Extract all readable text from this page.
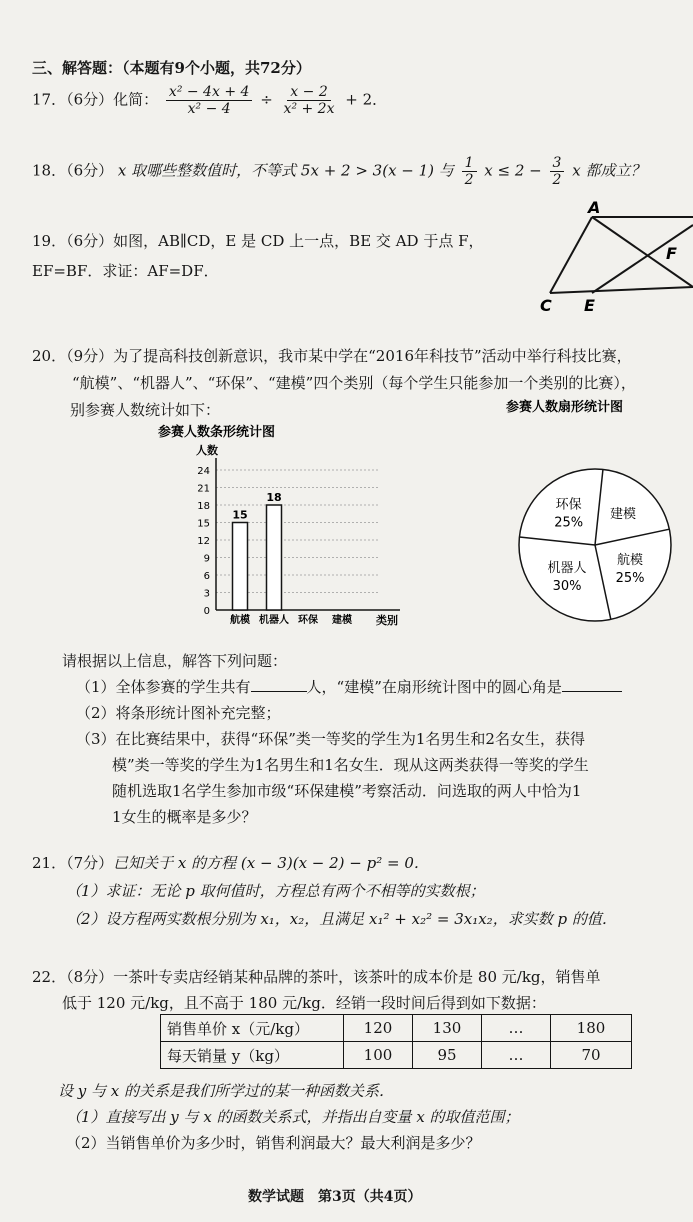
三、解答题：（本题有9个小题，共72分）
17．（6分）化简： $\frac{\text{x² − 4x + 4}}{\text{x² − 4}} \div \frac{x - 2}{\text{x² + 2x}} + 2$．
18．（6分） x 取哪些整数值时，不等式 5x + 2 > 3(x − 1) 与 $\frac{1}{2}$ $x \le 2 - \frac{3}{2}$ x 都成立？
19．（6分）如图，AB∥CD，E 是 CD 上一点，BE 交 AD 于点 F，
EF=BF．求证：AF=DF．
A
F
C E
20．（9分）为了提高科技创新意识，我市某中学在“2016年科技节”活动中举行科技比赛，
“航模”、“机器人”、“环保”、“建模”四个类别（每个学生只能参加一个类别的比赛），
别参赛人数统计如下：
参赛人数条形统计图
人数
类别
0
3
6
9
12
15
18
21
24
航模
15
机器人
18
环保 建模
参赛人数扇形统计图
建模
航模
25%
机器人
30%
环保
25%
请根据以上信息，解答下列问题：
（1）全体参赛的学生共有	人，“建模”在扇形统计图中的圆心角是
（2）将条形统计图补充完整；
（3）在比赛结果中，获得“环保”类一等奖的学生为1名男生和2名女生，获得
模”类一等奖的学生为1名男生和1名女生．现从这两类获得一等奖的学生
随机选取1名学生参加市级“环保建模”考察活动．问选取的两人中恰为1
1女生的概率是多少？
21．（7分）已知关于 x 的方程 (x − 3)(x − 2) − p² = 0．
（1）求证：无论 p 取何值时，方程总有两个不相等的实数根；
（2）设方程两实数根分别为 x₁，x₂，且满足 x₁² + x₂² = 3x₁x₂，求实数 p 的值．
22．（8分）一茶叶专卖店经销某种品牌的茶叶，该茶叶的成本价是 80 元/kg，销售单
低于 120 元/kg，且不高于 180 元/kg．经销一段时间后得到如下数据：
销售单价 x（元/kg）	120	130	…	180
每天销量 y（kg）	100	95	…	70
设 y 与 x 的关系是我们所学过的某一种函数关系．
（1）直接写出 y 与 x 的函数关系式，并指出自变量 x 的取值范围；
（2）当销售单价为多少时，销售利润最大？最大利润是多少？
数学试题　第3页（共4页）
